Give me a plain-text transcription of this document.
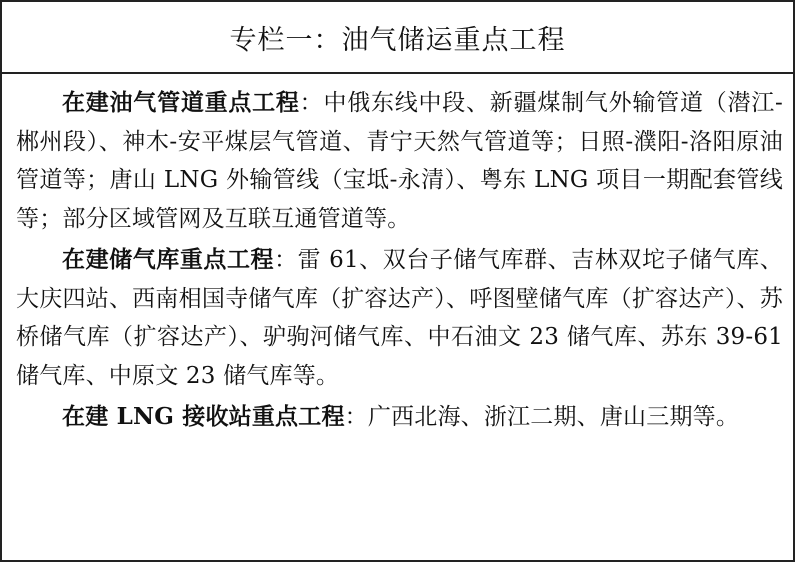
专栏一：油气储运重点工程

在建油气管道重点工程：中俄东线中段、新疆煤制气外输管道（潜江-郴州段）、神木-安平煤层气管道、青宁天然气管道等；日照-濮阳-洛阳原油管道等；唐山 LNG 外输管线（宝坻-永清）、粤东 LNG 项目一期配套管线等；部分区域管网及互联互通管道等。

在建储气库重点工程：雷 61、双台子储气库群、吉林双坨子储气库、大庆四站、西南相国寺储气库（扩容达产）、呼图壁储气库（扩容达产）、苏桥储气库（扩容达产）、驴驹河储气库、中石油文 23 储气库、苏东 39-61 储气库、中原文 23 储气库等。

在建 LNG 接收站重点工程：广西北海、浙江二期、唐山三期等。
